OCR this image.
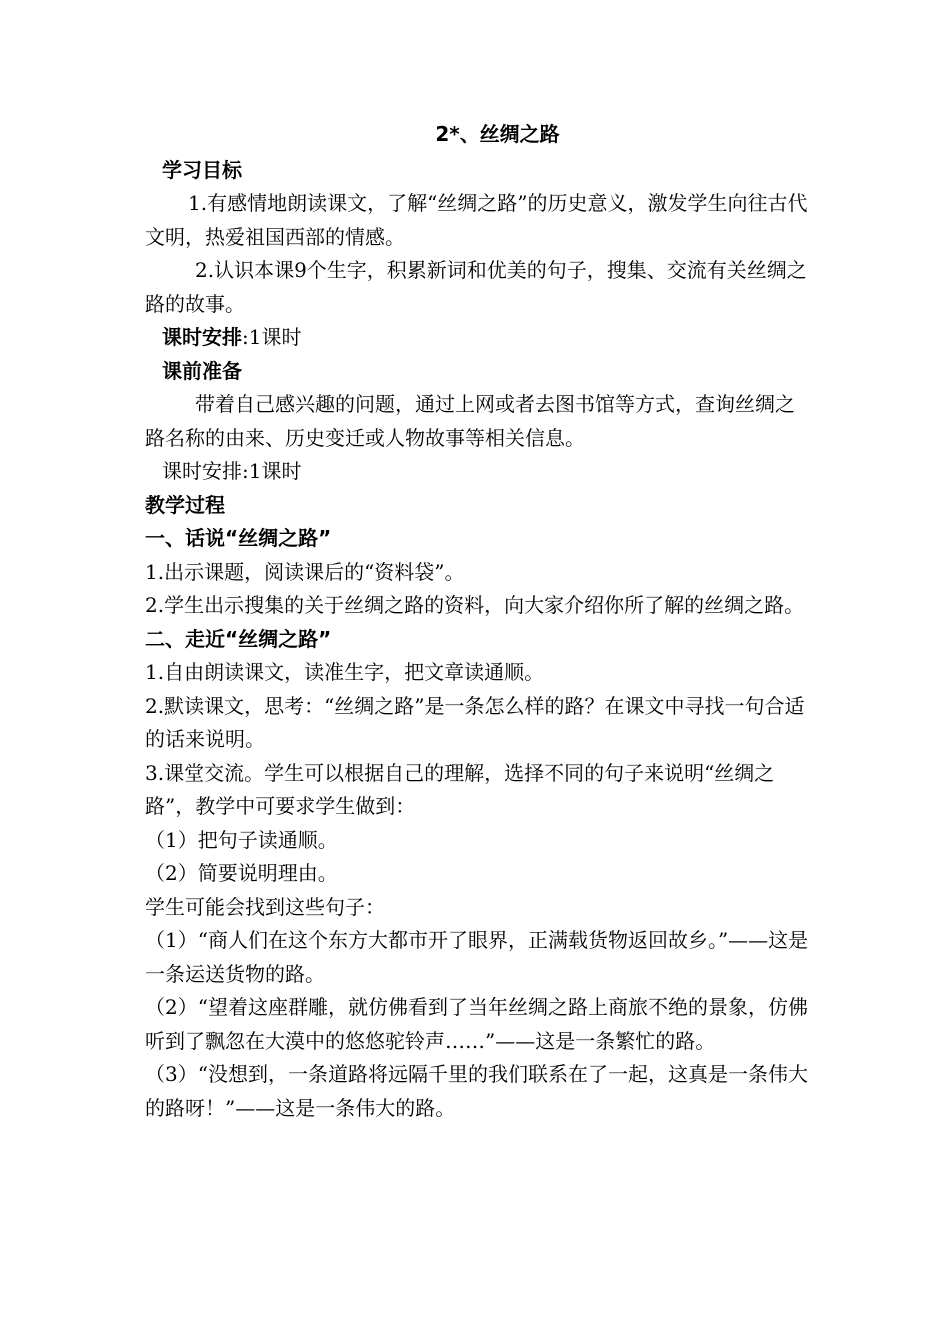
2*、丝绸之路

学习目标

1.有感情地朗读课文，了解“丝绸之路”的历史意义，激发学生向往古代文明，热爱祖国西部的情感。

2.认识本课9个生字，积累新词和优美的句子，搜集、交流有关丝绸之路的故事。

课时安排:1课时

课前准备

带着自己感兴趣的问题，通过上网或者去图书馆等方式，查询丝绸之路名称的由来、历史变迁或人物故事等相关信息。

课时安排:1课时

教学过程

一、话说“丝绸之路”

1.出示课题，阅读课后的“资料袋”。

2.学生出示搜集的关于丝绸之路的资料，向大家介绍你所了解的丝绸之路。

二、走近“丝绸之路”

1.自由朗读课文，读准生字，把文章读通顺。

2.默读课文，思考：“丝绸之路”是一条怎么样的路？在课文中寻找一句合适的话来说明。

3.课堂交流。学生可以根据自己的理解，选择不同的句子来说明“丝绸之路”，教学中可要求学生做到：

（1）把句子读通顺。

（2）简要说明理由。

学生可能会找到这些句子：

（1）“商人们在这个东方大都市开了眼界，正满载货物返回故乡。”——这是一条运送货物的路。

（2）“望着这座群雕，就仿佛看到了当年丝绸之路上商旅不绝的景象，仿佛听到了飘忽在大漠中的悠悠驼铃声……”——这是一条繁忙的路。

（3）“没想到，一条道路将远隔千里的我们联系在了一起，这真是一条伟大的路呀！”——这是一条伟大的路。
